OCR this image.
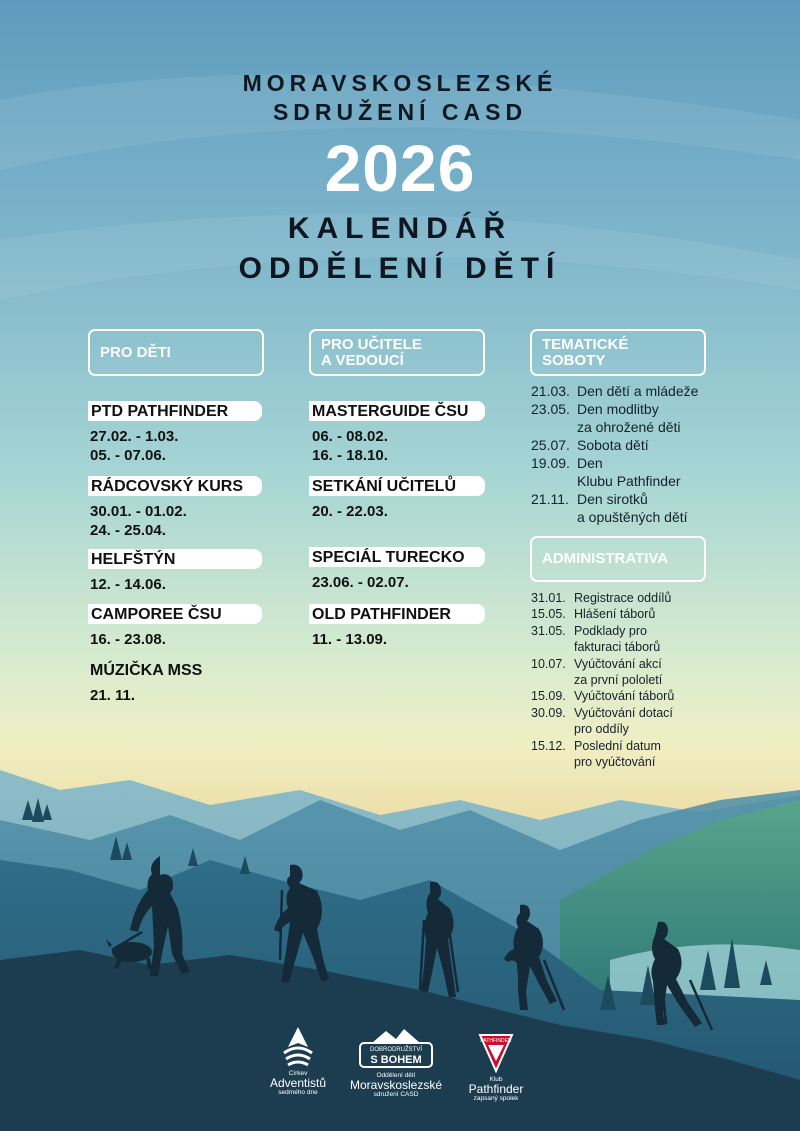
MORAVSKOSLEZSKÉ
SDRUŽENÍ CASD
2026
KALENDÁŘ
ODDĚLENÍ DĚTÍ
PRO DĚTI
PTD PATHFINDER
27.02. - 1.03.
05. - 07.06.
RÁDCOVSKÝ KURS
30.01. - 01.02.
24. - 25.04.
HELFŠTÝN
12. - 14.06.
CAMPOREE ČSU
16. - 23.08.
MÚZIČKA MSS
21. 11.
PRO UČITELE
A VEDOUCÍ
MASTERGUIDE ČSU
06. - 08.02.
16. - 18.10.
SETKÁNÍ UČITELŮ
20. - 22.03.
SPECIÁL TURECKO
23.06. - 02.07.
OLD PATHFINDER
11. - 13.09.
TEMATICKÉ
SOBOTY
21.03. Den dětí a mládeže
23.05. Den modlitby
za ohrožené děti
25.07. Sobota dětí
19.09. Den
Klubu Pathfinder
21.11. Den sirotků
a opuštěných dětí
ADMINISTRATIVA
31.01. Registrace oddílů
15.05. Hlášení táborů
31.05. Podklady pro
fakturaci táborů
10.07. Vyúčtování akcí
za první pololetí
15.09. Vyúčtování táborů
30.09. Vyúčtování dotací
pro oddíly
15.12. Poslední datum
pro vyúčtování
Církev
Adventistů
sedmého dne
DOBRODRUŽSTVÍ
S BOHEM
Oddělení dětí
Moravskoslezské
sdružení CASD
PATHFINDER
Klub
Pathfinder
zapsaný spolek
